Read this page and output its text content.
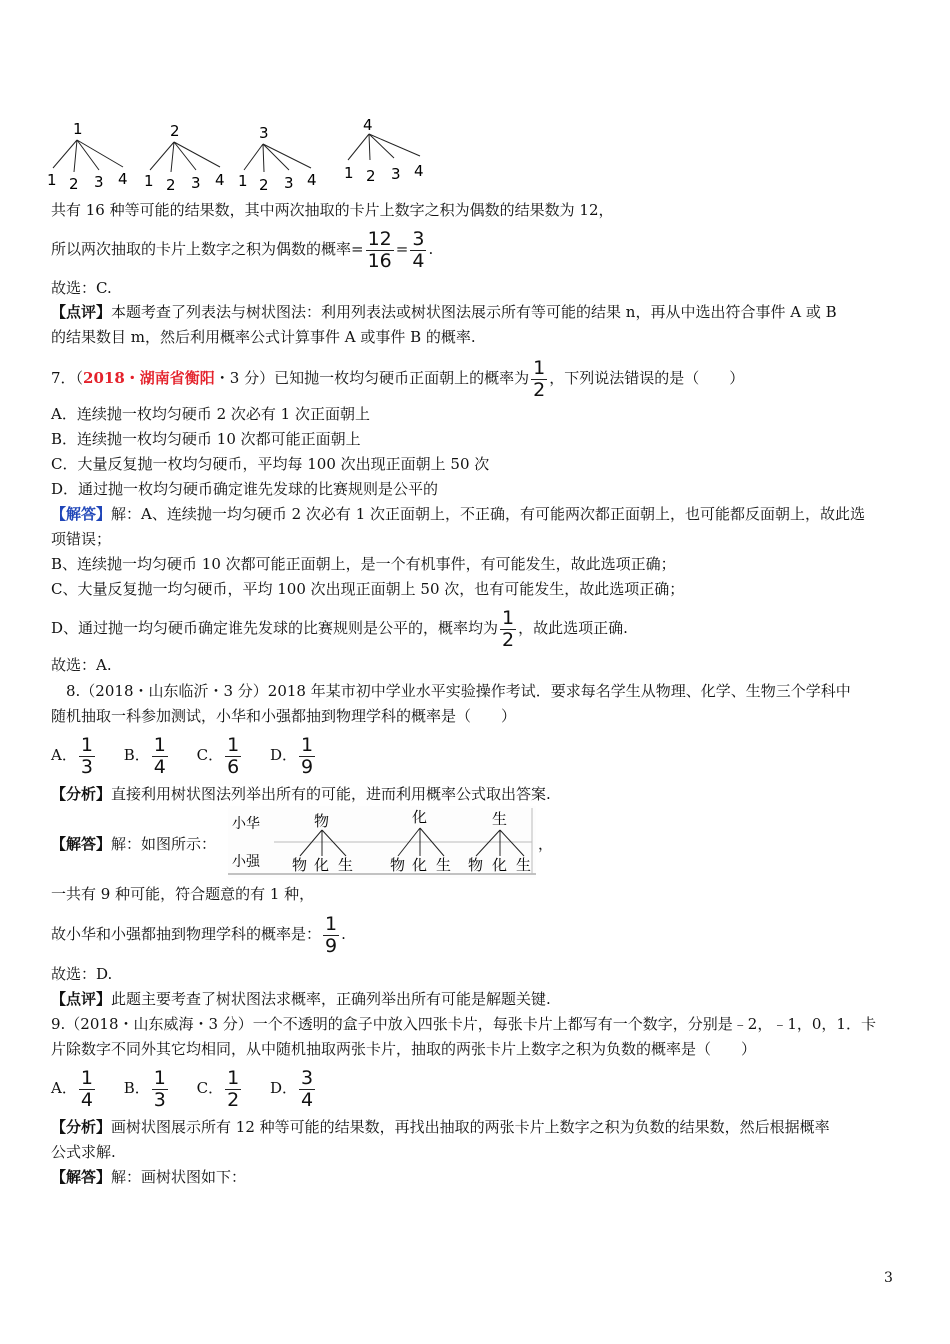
1
1 2 3 4
2
1 2 3 4
3
1 2 3 4
4
1 2 3 4
共有 16 种等可能的结果数，其中两次抽取的卡片上数字之积为偶数的结果数为 12，
所以两次抽取的卡片上数字之积为偶数的概率= $\frac{12}{16} = \frac{3}{4}$ .
故选：C.
【点评】本题考查了列表法与树状图法：利用列表法或树状图法展示所有等可能的结果 n，再从中选出符合事件 A 或 B
的结果数目 m，然后利用概率公式计算事件 A 或事件 B 的概率.
7．（2018・湖南省衡阳・3 分）已知抛一枚均匀硬币正面朝上的概率为 $\frac{1}{2}$ ，下列说法错误的是（　　）
A．连续抛一枚均匀硬币 2 次必有 1 次正面朝上
B．连续抛一枚均匀硬币 10 次都可能正面朝上
C．大量反复抛一枚均匀硬币，平均每 100 次出现正面朝上 50 次
D．通过抛一枚均匀硬币确定谁先发球的比赛规则是公平的
【解答】解：A、连续抛一均匀硬币 2 次必有 1 次正面朝上，不正确，有可能两次都正面朝上，也可能都反面朝上，故此选
项错误；
B、连续抛一均匀硬币 10 次都可能正面朝上，是一个有机事件，有可能发生，故此选项正确；
C、大量反复抛一均匀硬币，平均 100 次出现正面朝上 50 次，也有可能发生，故此选项正确；
D、通过抛一均匀硬币确定谁先发球的比赛规则是公平的，概率均为 $\frac{1}{2}$ ，故此选项正确.
故选：A.
8.（2018・山东临沂・3 分）2018 年某市初中学业水平实验操作考试．要求每名学生从物理、化学、生物三个学科中
随机抽取一科参加测试，小华和小强都抽到物理学科的概率是（　　）
A． $\frac{1}{3}$ B． $\frac{1}{4}$ C． $\frac{1}{6}$ D． $\frac{1}{9}$
【分析】直接利用树状图法列举出所有的可能，进而利用概率公式取出答案.
【解答】解：如图所示：
小华
小强
物
物 化 生
化
物 化 生
生
物 化 生
，
一共有 9 种可能，符合题意的有 1 种，
故小华和小强都抽到物理学科的概率是： $\frac{1}{9}$ .
故选：D.
【点评】此题主要考查了树状图法求概率，正确列举出所有可能是解题关键.
9.（2018・山东威海・3 分）一个不透明的盒子中放入四张卡片，每张卡片上都写有一个数字，分别是﹣2，﹣1，0，1．卡
片除数字不同外其它均相同，从中随机抽取两张卡片，抽取的两张卡片上数字之积为负数的概率是（　　）
A． $\frac{1}{4}$ B． $\frac{1}{3}$ C． $\frac{1}{2}$ D． $\frac{3}{4}$
【分析】画树状图展示所有 12 种等可能的结果数，再找出抽取的两张卡片上数字之积为负数的结果数，然后根据概率
公式求解.
【解答】解：画树状图如下：
3
